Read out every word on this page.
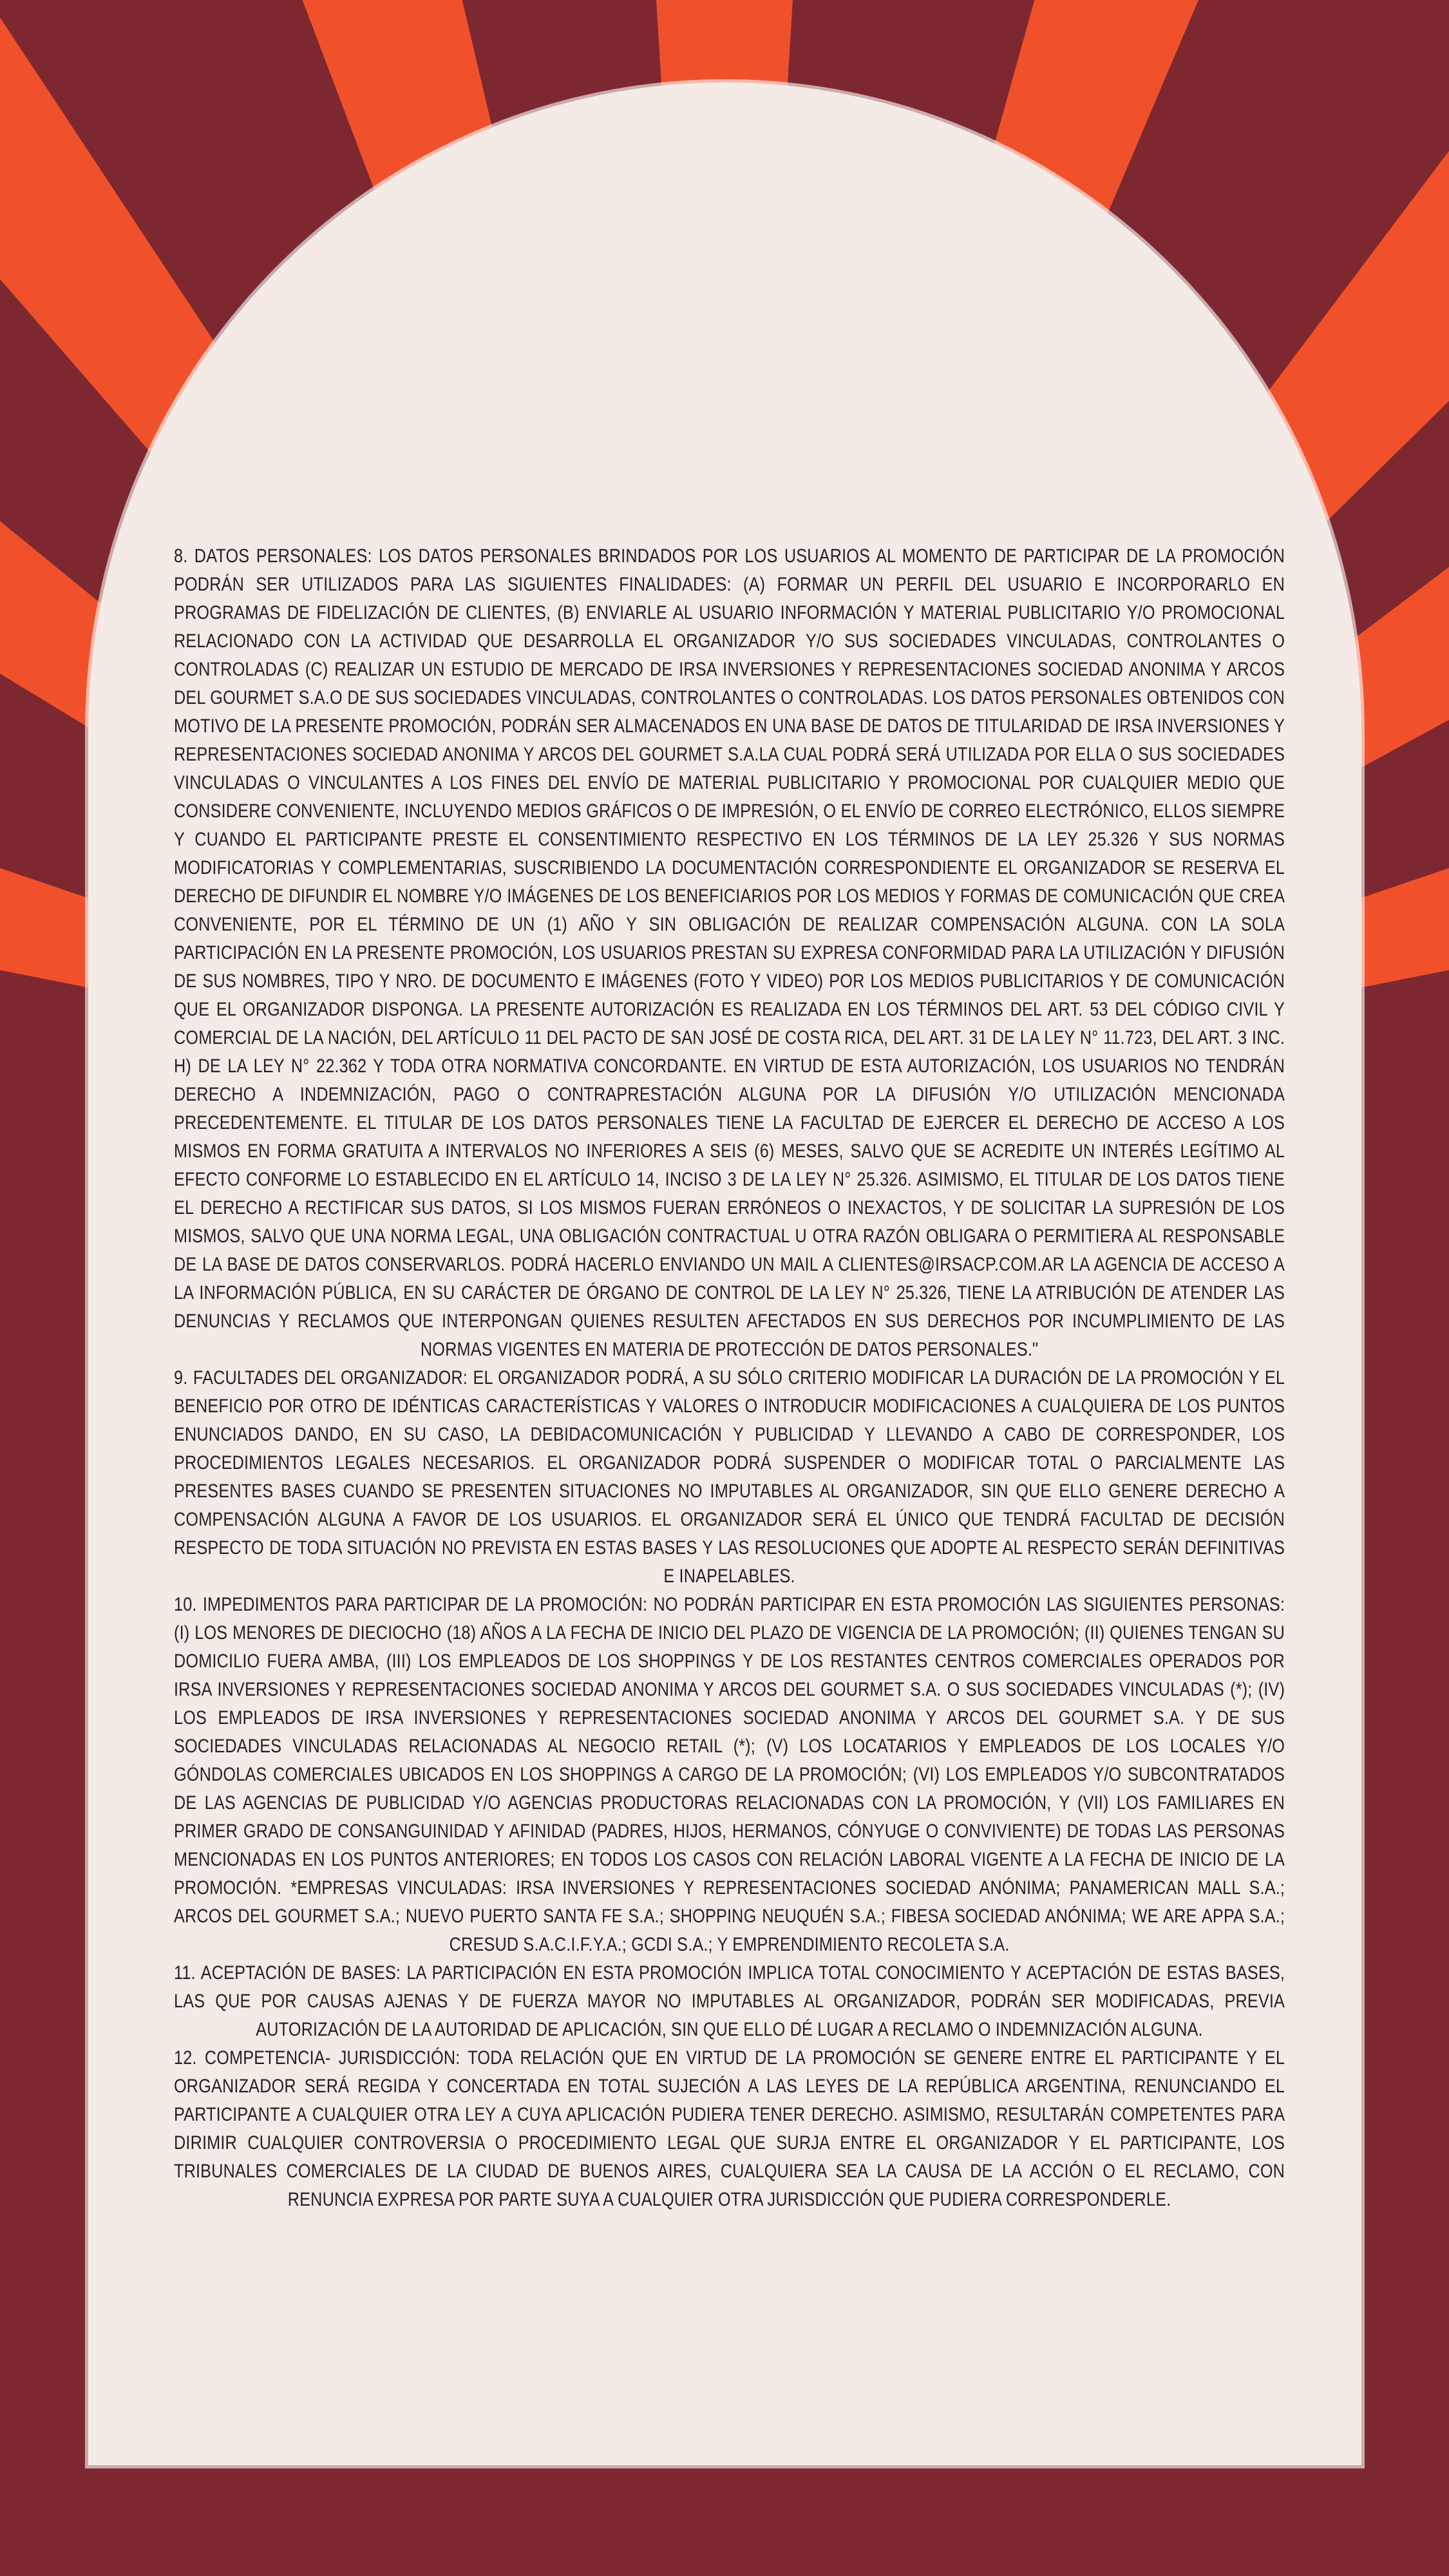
8. DATOS PERSONALES: LOS DATOS PERSONALES BRINDADOS POR LOS USUARIOS AL MOMENTO DE PARTICIPAR DE LA PROMOCIÓN PODRÁN SER UTILIZADOS PARA LAS SIGUIENTES FINALIDADES: (A) FORMAR UN PERFIL DEL USUARIO E INCORPORARLO EN PROGRAMAS DE FIDELIZACIÓN DE CLIENTES, (B) ENVIARLE AL USUARIO INFORMACIÓN Y MATERIAL PUBLICITARIO Y/O PROMOCIONAL RELACIONADO CON LA ACTIVIDAD QUE DESARROLLA EL ORGANIZADOR Y/O SUS SOCIEDADES VINCULADAS, CONTROLANTES O CONTROLADAS (C) REALIZAR UN ESTUDIO DE MERCADO DE IRSA INVERSIONES Y REPRESENTACIONES SOCIEDAD ANONIMA Y ARCOS DEL GOURMET S.A.O DE SUS SOCIEDADES VINCULADAS, CONTROLANTES O CONTROLADAS. LOS DATOS PERSONALES OBTENIDOS CON MOTIVO DE LA PRESENTE PROMOCIÓN, PODRÁN SER ALMACENADOS EN UNA BASE DE DATOS DE TITULARIDAD DE IRSA INVERSIONES Y REPRESENTACIONES SOCIEDAD ANONIMA Y ARCOS DEL GOURMET S.A.LA CUAL PODRÁ SERÁ UTILIZADA POR ELLA O SUS SOCIEDADES VINCULADAS O VINCULANTES A LOS FINES DEL ENVÍO DE MATERIAL PUBLICITARIO Y PROMOCIONAL POR CUALQUIER MEDIO QUE CONSIDERE CONVENIENTE, INCLUYENDO MEDIOS GRÁFICOS O DE IMPRESIÓN, O EL ENVÍO DE CORREO ELECTRÓNICO, ELLOS SIEMPRE Y CUANDO EL PARTICIPANTE PRESTE EL CONSENTIMIENTO RESPECTIVO EN LOS TÉRMINOS DE LA LEY 25.326 Y SUS NORMAS MODIFICATORIAS Y COMPLEMENTARIAS, SUSCRIBIENDO LA DOCUMENTACIÓN CORRESPONDIENTE EL ORGANIZADOR SE RESERVA EL DERECHO DE DIFUNDIR EL NOMBRE Y/O IMÁGENES DE LOS BENEFICIARIOS POR LOS MEDIOS Y FORMAS DE COMUNICACIÓN QUE CREA CONVENIENTE, POR EL TÉRMINO DE UN (1) AÑO Y SIN OBLIGACIÓN DE REALIZAR COMPENSACIÓN ALGUNA. CON LA SOLA PARTICIPACIÓN EN LA PRESENTE PROMOCIÓN, LOS USUARIOS PRESTAN SU EXPRESA CONFORMIDAD PARA LA UTILIZACIÓN Y DIFUSIÓN DE SUS NOMBRES, TIPO Y NRO. DE DOCUMENTO E IMÁGENES (FOTO Y VIDEO) POR LOS MEDIOS PUBLICITARIOS Y DE COMUNICACIÓN QUE EL ORGANIZADOR DISPONGA. LA PRESENTE AUTORIZACIÓN ES REALIZADA EN LOS TÉRMINOS DEL ART. 53 DEL CÓDIGO CIVIL Y COMERCIAL DE LA NACIÓN, DEL ARTÍCULO 11 DEL PACTO DE SAN JOSÉ DE COSTA RICA, DEL ART. 31 DE LA LEY N° 11.723, DEL ART. 3 INC. H) DE LA LEY N° 22.362 Y TODA OTRA NORMATIVA CONCORDANTE. EN VIRTUD DE ESTA AUTORIZACIÓN, LOS USUARIOS NO TENDRÁN DERECHO A INDEMNIZACIÓN, PAGO O CONTRAPRESTACIÓN ALGUNA POR LA DIFUSIÓN Y/O UTILIZACIÓN MENCIONADA PRECEDENTEMENTE. EL TITULAR DE LOS DATOS PERSONALES TIENE LA FACULTAD DE EJERCER EL DERECHO DE ACCESO A LOS MISMOS EN FORMA GRATUITA A INTERVALOS NO INFERIORES A SEIS (6) MESES, SALVO QUE SE ACREDITE UN INTERÉS LEGÍTIMO AL EFECTO CONFORME LO ESTABLECIDO EN EL ARTÍCULO 14, INCISO 3 DE LA LEY N° 25.326. ASIMISMO, EL TITULAR DE LOS DATOS TIENE EL DERECHO A RECTIFICAR SUS DATOS, SI LOS MISMOS FUERAN ERRÓNEOS O INEXACTOS, Y DE SOLICITAR LA SUPRESIÓN DE LOS MISMOS, SALVO QUE UNA NORMA LEGAL, UNA OBLIGACIÓN CONTRACTUAL U OTRA RAZÓN OBLIGARA O PERMITIERA AL RESPONSABLE DE LA BASE DE DATOS CONSERVARLOS. PODRÁ HACERLO ENVIANDO UN MAIL A CLIENTES@IRSACP.COM.AR LA AGENCIA DE ACCESO A LA INFORMACIÓN PÚBLICA, EN SU CARÁCTER DE ÓRGANO DE CONTROL DE LA LEY N° 25.326, TIENE LA ATRIBUCIÓN DE ATENDER LAS DENUNCIAS Y RECLAMOS QUE INTERPONGAN QUIENES RESULTEN AFECTADOS EN SUS DERECHOS POR INCUMPLIMIENTO DE LAS NORMAS VIGENTES EN MATERIA DE PROTECCIÓN DE DATOS PERSONALES."

9. FACULTADES DEL ORGANIZADOR: EL ORGANIZADOR PODRÁ, A SU SÓLO CRITERIO MODIFICAR LA DURACIÓN DE LA PROMOCIÓN Y EL BENEFICIO POR OTRO DE IDÉNTICAS CARACTERÍSTICAS Y VALORES O INTRODUCIR MODIFICACIONES A CUALQUIERA DE LOS PUNTOS ENUNCIADOS DANDO, EN SU CASO, LA DEBIDACOMUNICACIÓN Y PUBLICIDAD Y LLEVANDO A CABO DE CORRESPONDER, LOS PROCEDIMIENTOS LEGALES NECESARIOS. EL ORGANIZADOR PODRÁ SUSPENDER O MODIFICAR TOTAL O PARCIALMENTE LAS PRESENTES BASES CUANDO SE PRESENTEN SITUACIONES NO IMPUTABLES AL ORGANIZADOR, SIN QUE ELLO GENERE DERECHO A COMPENSACIÓN ALGUNA A FAVOR DE LOS USUARIOS. EL ORGANIZADOR SERÁ EL ÚNICO QUE TENDRÁ FACULTAD DE DECISIÓN RESPECTO DE TODA SITUACIÓN NO PREVISTA EN ESTAS BASES Y LAS RESOLUCIONES QUE ADOPTE AL RESPECTO SERÁN DEFINITIVAS E INAPELABLES.

10. IMPEDIMENTOS PARA PARTICIPAR DE LA PROMOCIÓN: NO PODRÁN PARTICIPAR EN ESTA PROMOCIÓN LAS SIGUIENTES PERSONAS: (I) LOS MENORES DE DIECIOCHO (18) AÑOS A LA FECHA DE INICIO DEL PLAZO DE VIGENCIA DE LA PROMOCIÓN; (II) QUIENES TENGAN SU DOMICILIO FUERA AMBA, (III) LOS EMPLEADOS DE LOS SHOPPINGS Y DE LOS RESTANTES CENTROS COMERCIALES OPERADOS POR IRSA INVERSIONES Y REPRESENTACIONES SOCIEDAD ANONIMA Y ARCOS DEL GOURMET S.A. O SUS SOCIEDADES VINCULADAS (*); (IV) LOS EMPLEADOS DE IRSA INVERSIONES Y REPRESENTACIONES SOCIEDAD ANONIMA Y ARCOS DEL GOURMET S.A. Y DE SUS SOCIEDADES VINCULADAS RELACIONADAS AL NEGOCIO RETAIL (*); (V) LOS LOCATARIOS Y EMPLEADOS DE LOS LOCALES Y/O GÓNDOLAS COMERCIALES UBICADOS EN LOS SHOPPINGS A CARGO DE LA PROMOCIÓN; (VI) LOS EMPLEADOS Y/O SUBCONTRATADOS DE LAS AGENCIAS DE PUBLICIDAD Y/O AGENCIAS PRODUCTORAS RELACIONADAS CON LA PROMOCIÓN, Y (VII) LOS FAMILIARES EN PRIMER GRADO DE CONSANGUINIDAD Y AFINIDAD (PADRES, HIJOS, HERMANOS, CÓNYUGE O CONVIVIENTE) DE TODAS LAS PERSONAS MENCIONADAS EN LOS PUNTOS ANTERIORES; EN TODOS LOS CASOS CON RELACIÓN LABORAL VIGENTE A LA FECHA DE INICIO DE LA PROMOCIÓN. *EMPRESAS VINCULADAS: IRSA INVERSIONES Y REPRESENTACIONES SOCIEDAD ANÓNIMA; PANAMERICAN MALL S.A.; ARCOS DEL GOURMET S.A.; NUEVO PUERTO SANTA FE S.A.; SHOPPING NEUQUÉN S.A.; FIBESA SOCIEDAD ANÓNIMA; WE ARE APPA S.A.; CRESUD S.A.C.I.F.Y.A.; GCDI S.A.; Y EMPRENDIMIENTO RECOLETA S.A.

11. ACEPTACIÓN DE BASES: LA PARTICIPACIÓN EN ESTA PROMOCIÓN IMPLICA TOTAL CONOCIMIENTO Y ACEPTACIÓN DE ESTAS BASES, LAS QUE POR CAUSAS AJENAS Y DE FUERZA MAYOR NO IMPUTABLES AL ORGANIZADOR, PODRÁN SER MODIFICADAS, PREVIA AUTORIZACIÓN DE LA AUTORIDAD DE APLICACIÓN, SIN QUE ELLO DÉ LUGAR A RECLAMO O INDEMNIZACIÓN ALGUNA.

12. COMPETENCIA- JURISDICCIÓN: TODA RELACIÓN QUE EN VIRTUD DE LA PROMOCIÓN SE GENERE ENTRE EL PARTICIPANTE Y EL ORGANIZADOR SERÁ REGIDA Y CONCERTADA EN TOTAL SUJECIÓN A LAS LEYES DE LA REPÚBLICA ARGENTINA, RENUNCIANDO EL PARTICIPANTE A CUALQUIER OTRA LEY A CUYA APLICACIÓN PUDIERA TENER DERECHO. ASIMISMO, RESULTARÁN COMPETENTES PARA DIRIMIR CUALQUIER CONTROVERSIA O PROCEDIMIENTO LEGAL QUE SURJA ENTRE EL ORGANIZADOR Y EL PARTICIPANTE, LOS TRIBUNALES COMERCIALES DE LA CIUDAD DE BUENOS AIRES, CUALQUIERA SEA LA CAUSA DE LA ACCIÓN O EL RECLAMO, CON RENUNCIA EXPRESA POR PARTE SUYA A CUALQUIER OTRA JURISDICCIÓN QUE PUDIERA CORRESPONDERLE.
